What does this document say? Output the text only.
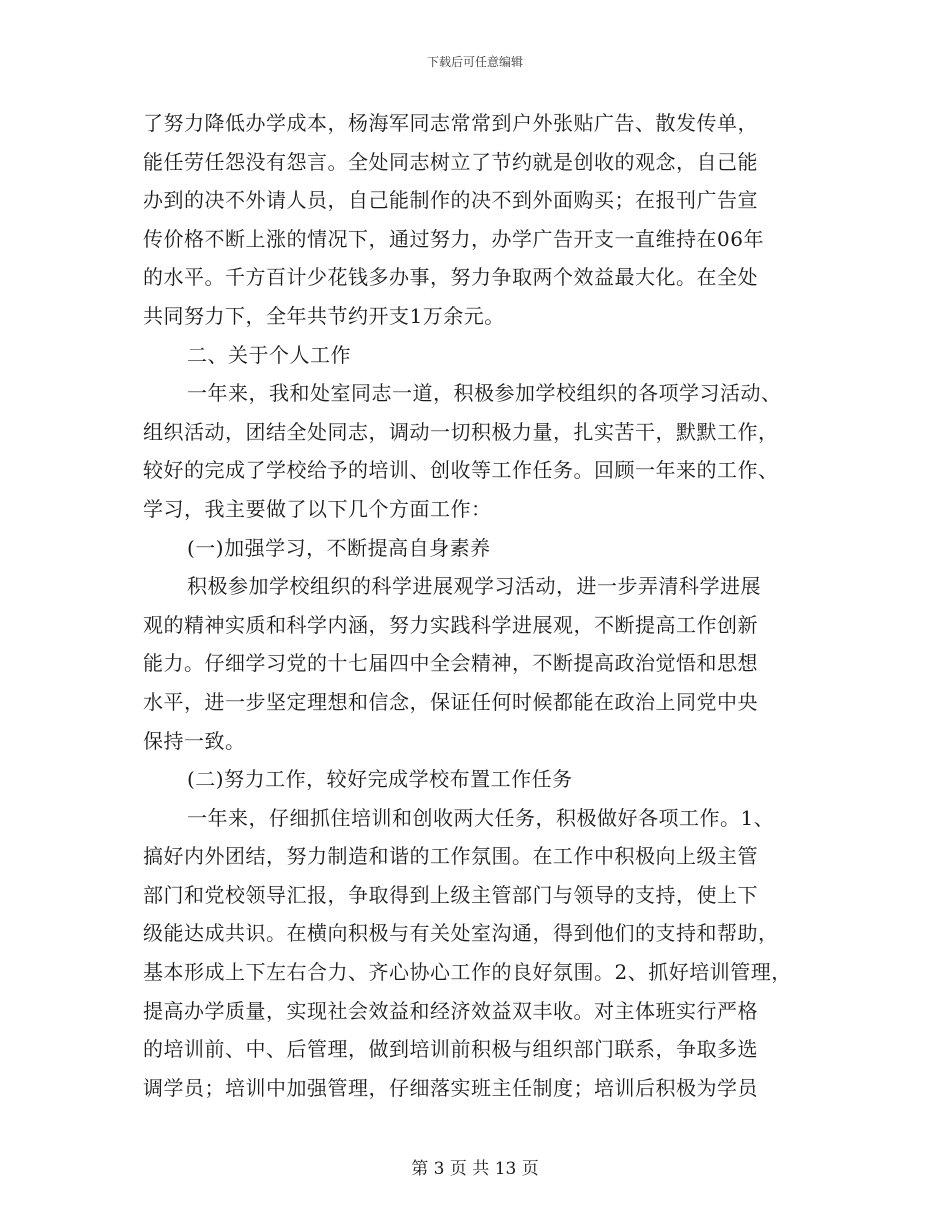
下载后可任意编辑
了努力降低办学成本，杨海军同志常常到户外张贴广告、散发传单，
能任劳任怨没有怨言。全处同志树立了节约就是创收的观念，自己能
办到的决不外请人员，自己能制作的决不到外面购买；在报刊广告宣
传价格不断上涨的情况下，通过努力，办学广告开支一直维持在06年
的水平。千方百计少花钱多办事，努力争取两个效益最大化。在全处
共同努力下，全年共节约开支1万余元。
二、关于个人工作
一年来，我和处室同志一道，积极参加学校组织的各项学习活动、
组织活动，团结全处同志，调动一切积极力量，扎实苦干，默默工作，
较好的完成了学校给予的培训、创收等工作任务。回顾一年来的工作、
学习，我主要做了以下几个方面工作：
(一)加强学习，不断提高自身素养
积极参加学校组织的科学进展观学习活动，进一步弄清科学进展
观的精神实质和科学内涵，努力实践科学进展观，不断提高工作创新
能力。仔细学习党的十七届四中全会精神，不断提高政治觉悟和思想
水平，进一步坚定理想和信念，保证任何时候都能在政治上同党中央
保持一致。
(二)努力工作，较好完成学校布置工作任务
一年来，仔细抓住培训和创收两大任务，积极做好各项工作。1、
搞好内外团结，努力制造和谐的工作氛围。在工作中积极向上级主管
部门和党校领导汇报，争取得到上级主管部门与领导的支持，使上下
级能达成共识。在横向积极与有关处室沟通，得到他们的支持和帮助，
基本形成上下左右合力、齐心协心工作的良好氛围。2、抓好培训管理，
提高办学质量，实现社会效益和经济效益双丰收。对主体班实行严格
的培训前、中、后管理，做到培训前积极与组织部门联系，争取多选
调学员；培训中加强管理，仔细落实班主任制度；培训后积极为学员
第 3 页 共 13 页
